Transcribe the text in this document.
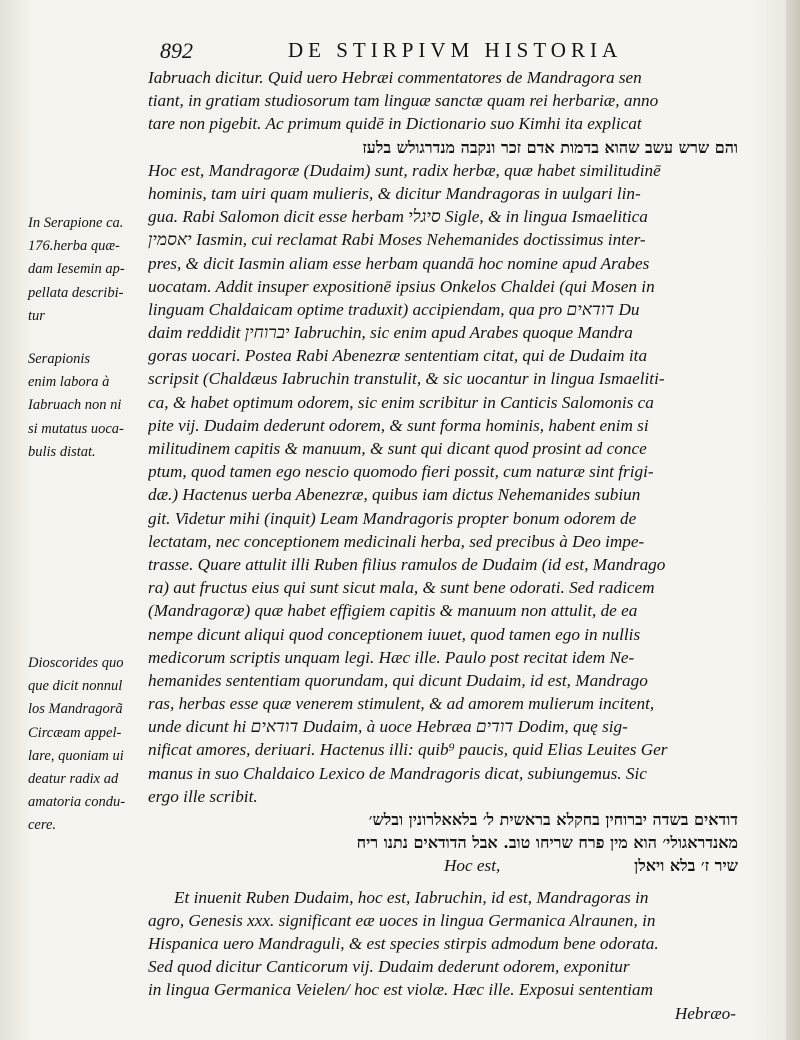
892	DE STIRPIVM HISTORIA
In Serapione ca.
176.herba quæ-
dam Iesemin ap-
pellata describi-
tur
Serapionis
enim labora à
Iabruach non ni
si mutatus uoca-
bulis distat.
Dioscorides quo
que dicit nonnul
los Mandragorã
Circæam appel-
lare, quoniam ui
deatur radix ad
amatoria condu-
cere.
Iabruach dicitur. Quid uero Hebræi commentatores de Mandragora sen
tiant, in gratiam studiosorum tam linguæ sanctæ quam rei herbariæ, anno
tare non pigebit. Ac primum quidē in Dictionario suo Kimhi ita explicat
והם שרש עשב שהוא בדמות אדם זכר ונקבה מנדרגולש בלעז
Hoc est, Mandragoræ (Dudaim) sunt, radix herbæ, quæ habet similitudinē
hominis, tam uiri quam mulieris, & dicitur Mandragoras in uulgari lin-
gua. Rabi Salomon dicit esse herbam סיגלי Sigle, & in lingua Ismaelitica
יאסמין Iasmin, cui reclamat Rabi Moses Nehemanides doctissimus inter-
pres, & dicit Iasmin aliam esse herbam quandā hoc nomine apud Arabes
uocatam. Addit insuper expositionē ipsius Onkelos Chaldei (qui Mosen in
linguam Chaldaicam optime traduxit) accipiendam, qua pro דודאים Du
daim reddidit יברוחין Iabruchin, sic enim apud Arabes quoque Mandra
goras uocari. Postea Rabi Abenezræ sententiam citat, qui de Dudaim ita
scripsit (Chaldæus Iabruchin transtulit, & sic uocantur in lingua Ismaeliti-
ca, & habet optimum odorem, sic enim scribitur in Canticis Salomonis ca
pite vij. Dudaim dederunt odorem, & sunt forma hominis, habent enim si
militudinem capitis & manuum, & sunt qui dicant quod prosint ad conce
ptum, quod tamen ego nescio quomodo fieri possit, cum naturæ sint frigi-
dæ.) Hactenus uerba Abenezræ, quibus iam dictus Nehemanides subiun
git. Videtur mihi (inquit) Leam Mandragoris propter bonum odorem de
lectatam, nec conceptionem medicinali herba, sed precibus à Deo impe-
trasse. Quare attulit illi Ruben filius ramulos de Dudaim (id est, Mandrago
ra) aut fructus eius qui sunt sicut mala, & sunt bene odorati. Sed radicem
(Mandragoræ) quæ habet effigiem capitis & manuum non attulit, de ea
nempe dicunt aliqui quod conceptionem iuuet, quod tamen ego in nullis
medicorum scriptis unquam legi. Hæc ille. Paulo post recitat idem Ne-
hemanides sententiam quorundam, qui dicunt Dudaim, id est, Mandrago
ras, herbas esse quæ venerem stimulent, & ad amorem mulierum incitent,
unde dicunt hi דודאים Dudaim, à uoce Hebræa דודים Dodim, quę sig-
nificat amores, deriuari. Hactenus illi: quib⁹ paucis, quid Elias Leuites Ger
manus in suo Chaldaico Lexico de Mandragoris dicat, subiungemus. Sic
ergo ille scribit.
דודאים בשדה יברוחין בחקלא בראשית ל׳ בלאאלרונין ובלש׳
מאנדראגולי׳ הוא מין פרח שריחו טוב. אבל הדודאים נתנו ריח
שיר ז׳ בלא ויאלן
Hoc est,
Et inuenit Ruben Dudaim, hoc est, Iabruchin, id est, Mandragoras in
agro, Genesis xxx. significant eæ uoces in lingua Germanica Alraunen, in
Hispanica uero Mandraguli, & est species stirpis admodum bene odorata.
Sed quod dicitur Canticorum vij. Dudaim dederunt odorem, exponitur
in lingua Germanica Veielen/ hoc est violæ. Hæc ille. Exposui sententiam
Hebræo-
